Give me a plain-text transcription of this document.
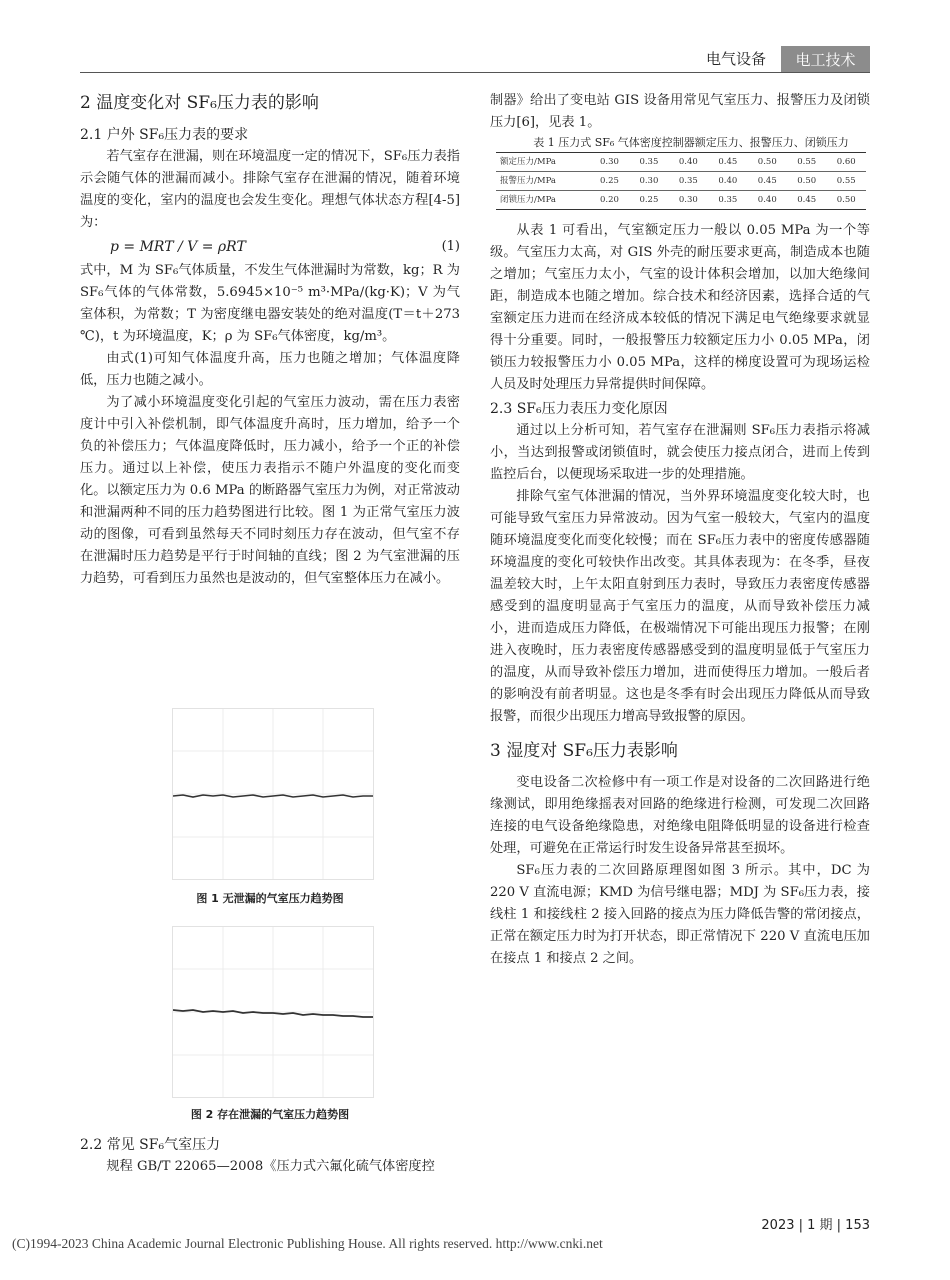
电气设备	电工技术
2 温度变化对 SF₆压力表的影响
2.1 户外 SF₆压力表的要求

若气室存在泄漏，则在环境温度一定的情况下，SF₆压力表指示会随气体的泄漏而减小。排除气室存在泄漏的情况，随着环境温度的变化，室内的温度也会发生变化。理想气体状态方程[4-5]为：

p = MRT / V = ρRT	(1)

式中，M 为 SF₆气体质量，不发生气体泄漏时为常数，kg；R 为 SF₆气体的气体常数，5.6945×10⁻⁵ m³·MPa/(kg·K)；V 为气室体积，为常数；T 为密度继电器安装处的绝对温度(T＝t＋273 ℃)，t 为环境温度，K；ρ 为 SF₆气体密度，kg/m³。

由式(1)可知气体温度升高，压力也随之增加；气体温度降低，压力也随之减小。

为了减小环境温度变化引起的气室压力波动，需在压力表密度计中引入补偿机制，即气体温度升高时，压力增加，给予一个负的补偿压力；气体温度降低时，压力减小，给予一个正的补偿压力。通过以上补偿，使压力表指示不随户外温度的变化而变化。以额定压力为 0.6 MPa 的断路器气室压力为例，对正常波动和泄漏两种不同的压力趋势图进行比较。图 1 为正常气室压力波动的图像，可看到虽然每天不同时刻压力存在波动，但气室不存在泄漏时压力趋势是平行于时间轴的直线；图 2 为气室泄漏的压力趋势，可看到压力虽然也是波动的，但气室整体压力在减小。

图 1 无泄漏的气室压力趋势图
图 2 存在泄漏的气室压力趋势图
2.2 常见 SF₆气室压力

规程 GB/T 22065—2008《压力式六氟化硫气体密度控

制器》给出了变电站 GIS 设备用常见气室压力、报警压力及闭锁压力[6]，见表 1。

表 1 压力式 SF₆ 气体密度控制器额定压力、报警压力、闭锁压力

额定压力/MPa	0.30	0.35	0.40	0.45	0.50	0.55	0.60
报警压力/MPa	0.25	0.30	0.35	0.40	0.45	0.50	0.55
闭锁压力/MPa	0.20	0.25	0.30	0.35	0.40	0.45	0.50

从表 1 可看出，气室额定压力一般以 0.05 MPa 为一个等级。气室压力太高，对 GIS 外壳的耐压要求更高，制造成本也随之增加；气室压力太小，气室的设计体积会增加，以加大绝缘间距，制造成本也随之增加。综合技术和经济因素，选择合适的气室额定压力进而在经济成本较低的情况下满足电气绝缘要求就显得十分重要。同时，一般报警压力较额定压力小 0.05 MPa，闭锁压力较报警压力小 0.05 MPa，这样的梯度设置可为现场运检人员及时处理压力异常提供时间保障。

2.3 SF₆压力表压力变化原因

通过以上分析可知，若气室存在泄漏则 SF₆压力表指示将减小，当达到报警或闭锁值时，就会使压力接点闭合，进而上传到监控后台，以便现场采取进一步的处理措施。

排除气室气体泄漏的情况，当外界环境温度变化较大时，也可能导致气室压力异常波动。因为气室一般较大，气室内的温度随环境温度变化而变化较慢；而在 SF₆压力表中的密度传感器随环境温度的变化可较快作出改变。其具体表现为：在冬季，昼夜温差较大时，上午太阳直射到压力表时，导致压力表密度传感器感受到的温度明显高于气室压力的温度，从而导致补偿压力减小，进而造成压力降低，在极端情况下可能出现压力报警；在刚进入夜晚时，压力表密度传感器感受到的温度明显低于气室压力的温度，从而导致补偿压力增加，进而使得压力增加。一般后者的影响没有前者明显。这也是冬季有时会出现压力降低从而导致报警，而很少出现压力增高导致报警的原因。

3 湿度对 SF₆压力表影响

变电设备二次检修中有一项工作是对设备的二次回路进行绝缘测试，即用绝缘摇表对回路的绝缘进行检测，可发现二次回路连接的电气设备绝缘隐患，对绝缘电阻降低明显的设备进行检查处理，可避免在正常运行时发生设备异常甚至损坏。

SF₆压力表的二次回路原理图如图 3 所示。其中，DC 为 220 V 直流电源；KMD 为信号继电器；MDJ 为 SF₆压力表，接线柱 1 和接线柱 2 接入回路的接点为压力降低告警的常闭接点，正常在额定压力时为打开状态，即正常情况下 220 V 直流电压加在接点 1 和接点 2 之间。

2023 | 1 期 | 153
(C)1994-2023 China Academic Journal Electronic Publishing House. All rights reserved. http://www.cnki.net
